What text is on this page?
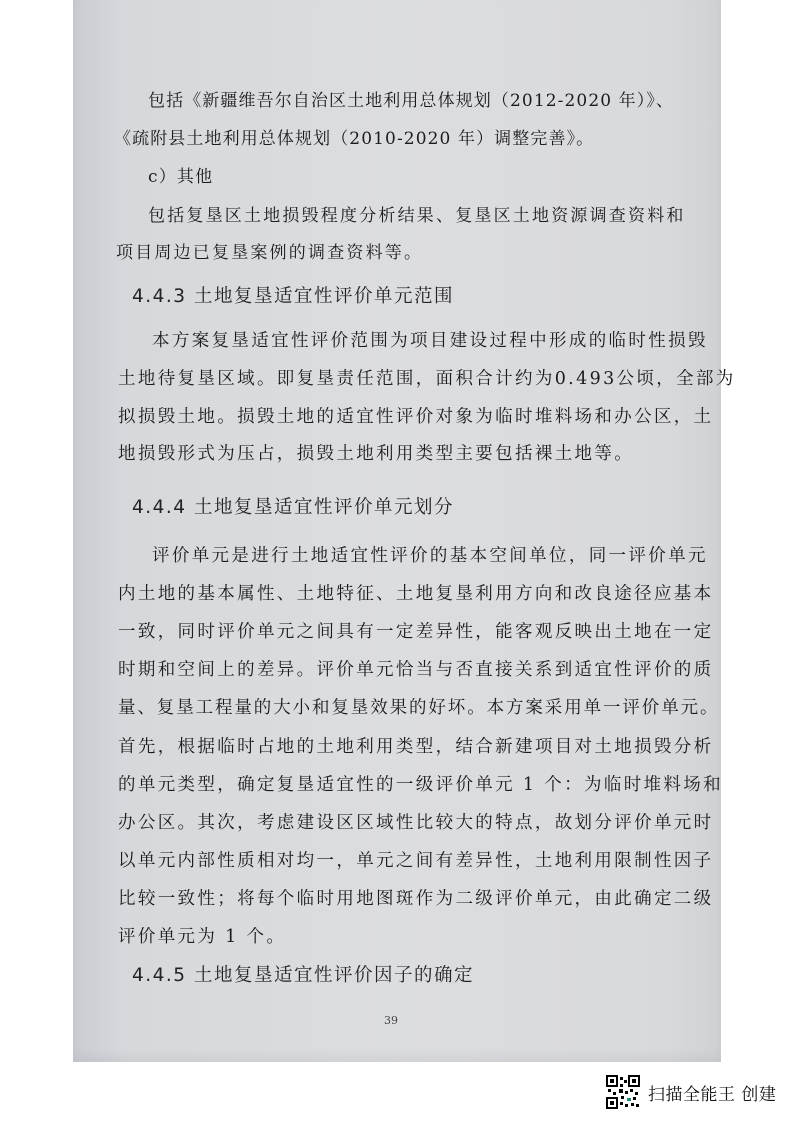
包括《新疆维吾尔自治区土地利用总体规划（2012-2020 年）》、
《疏附县土地利用总体规划（2010-2020 年）调整完善》。
c）其他
包括复垦区土地损毁程度分析结果、复垦区土地资源调查资料和
项目周边已复垦案例的调查资料等。
4.4.3 土地复垦适宜性评价单元范围
本方案复垦适宜性评价范围为项目建设过程中形成的临时性损毁
土地待复垦区域。即复垦责任范围，面积合计约为0.493公顷，全部为
拟损毁土地。损毁土地的适宜性评价对象为临时堆料场和办公区，土
地损毁形式为压占，损毁土地利用类型主要包括裸土地等。
4.4.4 土地复垦适宜性评价单元划分
评价单元是进行土地适宜性评价的基本空间单位，同一评价单元
内土地的基本属性、土地特征、土地复垦利用方向和改良途径应基本
一致，同时评价单元之间具有一定差异性，能客观反映出土地在一定
时期和空间上的差异。评价单元恰当与否直接关系到适宜性评价的质
量、复垦工程量的大小和复垦效果的好坏。本方案采用单一评价单元。
首先，根据临时占地的土地利用类型，结合新建项目对土地损毁分析
的单元类型，确定复垦适宜性的一级评价单元 1 个：为临时堆料场和
办公区。其次，考虑建设区区域性比较大的特点，故划分评价单元时
以单元内部性质相对均一，单元之间有差异性，土地利用限制性因子
比较一致性；将每个临时用地图斑作为二级评价单元，由此确定二级
评价单元为 1 个。
4.4.5 土地复垦适宜性评价因子的确定
39
扫描全能王 创建
